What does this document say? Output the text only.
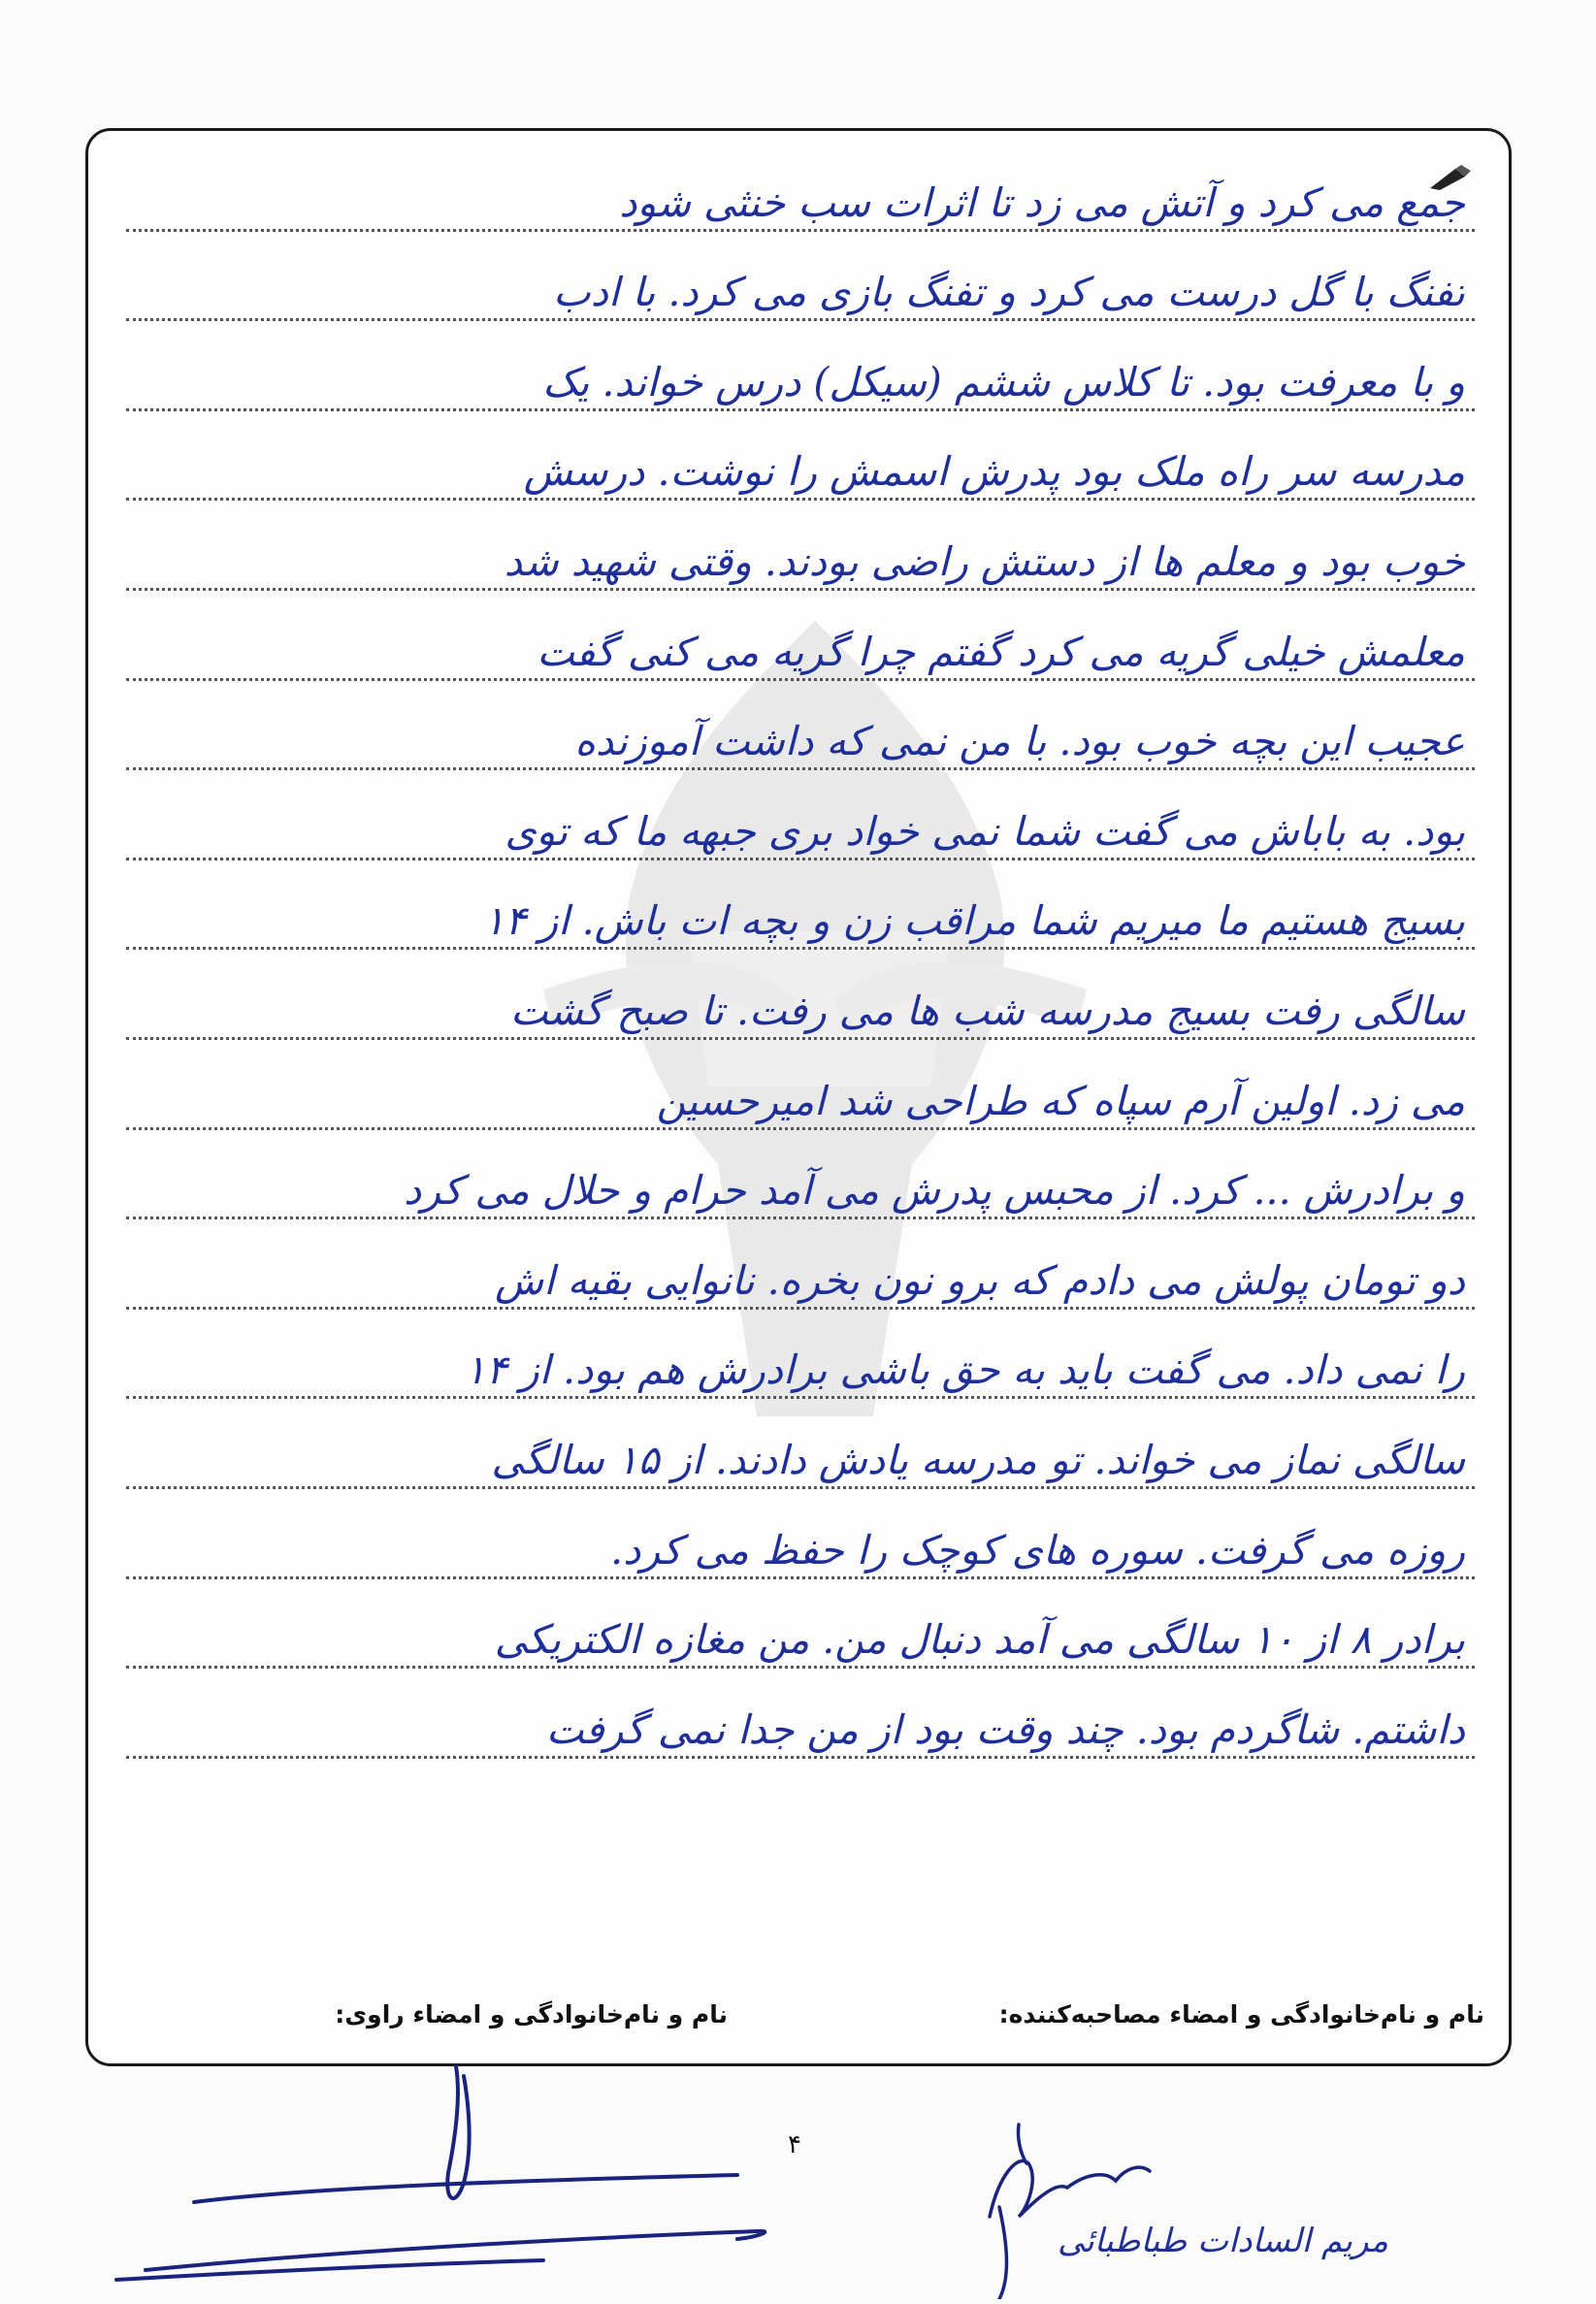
جمع می کرد و آتش می زد تا اثرات سب خنثی شود
تفنگ با گل درست می کرد و تفنگ بازی می کرد. با ادب
و با معرفت بود. تا کلاس ششم (سیکل) درس خواند. یک
مدرسه سر راه ملک بود پدرش اسمش را نوشت. درسش
خوب بود و معلم ها از دستش راضی بودند. وقتی شهید شد
معلمش خیلی گریه می کرد گفتم چرا گریه می کنی گفت
عجیب این بچه خوب بود. با من نمی که داشت آموزنده
بود. به باباش می گفت شما نمی خواد بری جبهه ما که توی
بسیج هستیم ما میریم شما مراقب زن و بچه ات باش. از ۱۴
سالگی رفت بسیج مدرسه شب ها می رفت. تا صبح گشت
می زد. اولین آرم سپاه که طراحی شد امیرحسین
و برادرش ... کرد. از محبس پدرش می آمد حرام و حلال می کرد
دو تومان پولش می دادم که برو نون بخره. نانوایی بقیه اش
را نمی داد. می گفت باید به حق باشی برادرش هم بود. از ۱۴
سالگی نماز می خواند. تو مدرسه یادش دادند. از ۱۵ سالگی
روزه می گرفت. سوره های کوچک را حفظ می کرد.
برادر ۸ از ۱۰ سالگی می آمد دنبال من. من مغازه الکتریکی
داشتم. شاگردم بود. چند وقت بود از من جدا نمی گرفت
نام و نام‌خانوادگی و امضاء مصاحبه‌کننده:
نام و نام‌خانوادگی و امضاء راوی:
۴
مریم السادات طباطبائی
